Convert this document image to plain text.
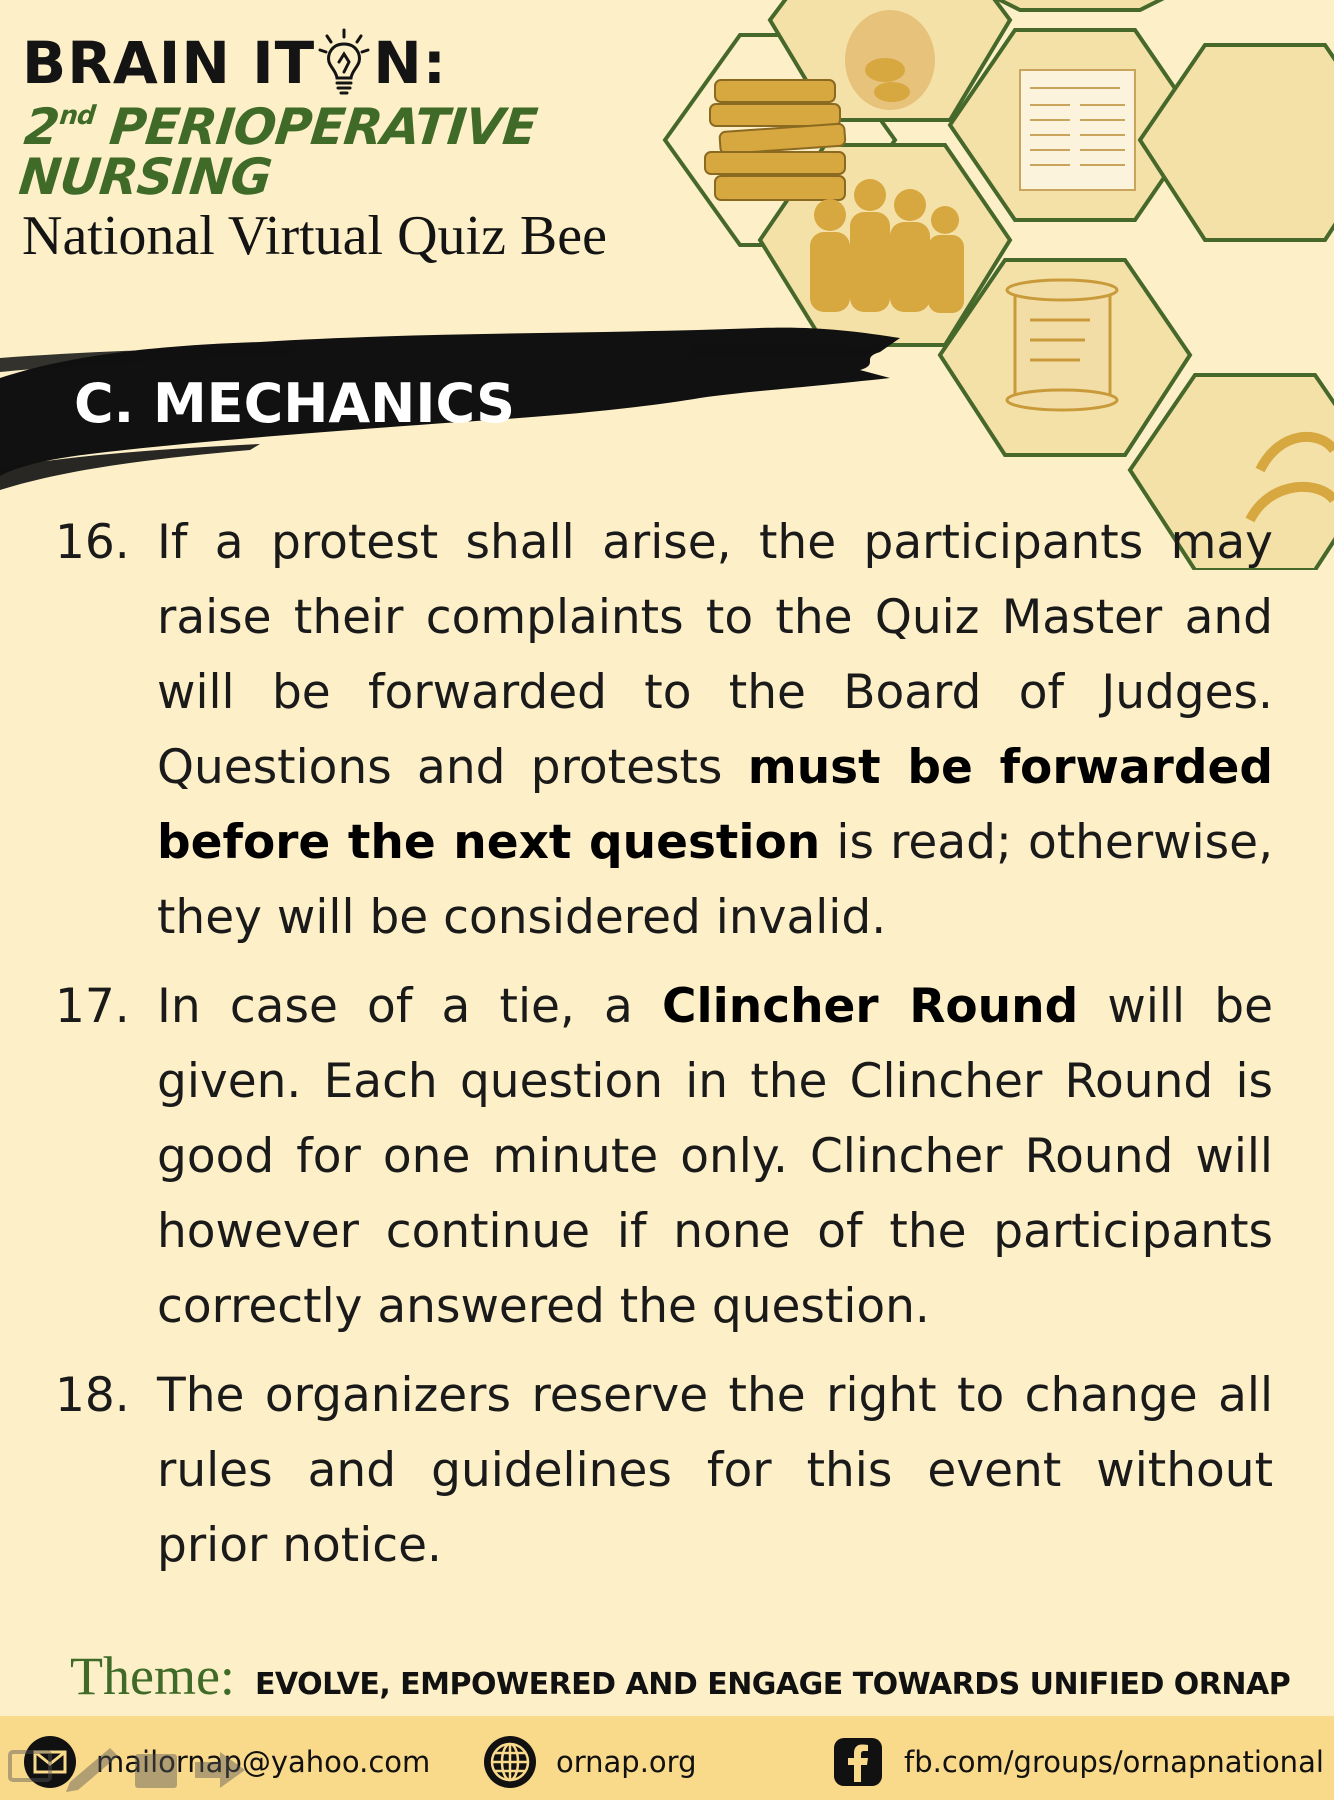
BRAIN IT N:
2nd PERIOPERATIVE NURSING
National Virtual Quiz Bee
C. MECHANICS
16. If a protest shall arise, the participants may raise their complaints to the Quiz Master and will be forwarded to the Board of Judges. Questions and protests must be forwarded before the next question is read; otherwise, they will be considered invalid.
17. In case of a tie, a Clincher Round will be given. Each question in the Clincher Round is good for one minute only. Clincher Round will however continue if none of the participants correctly answered the question.
18. The organizers reserve the right to change all rules and guidelines for this event without prior notice.
Theme: EVOLVE, EMPOWERED AND ENGAGE TOWARDS UNIFIED ORNAP
mailornap@yahoo.com	ornap.org	fb.com/groups/ornapnational
